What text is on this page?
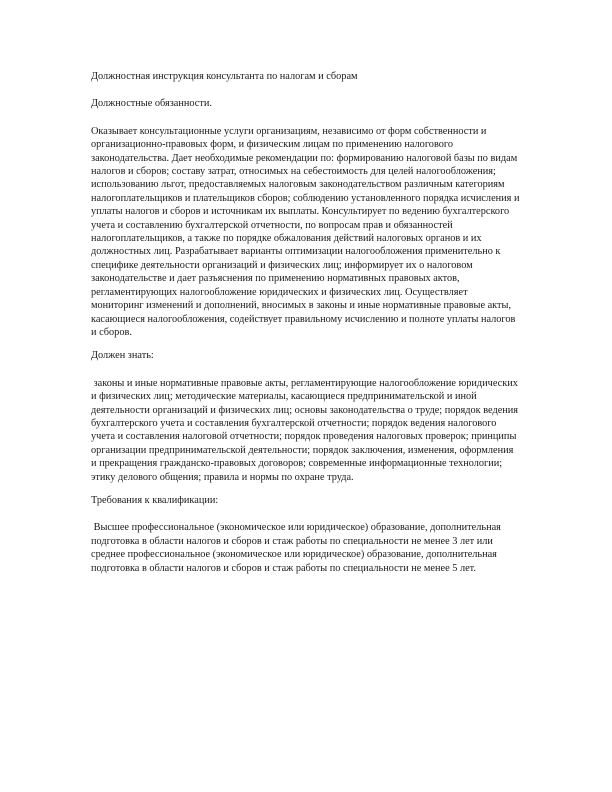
Должностная инструкция консультанта по налогам и сборам
Должностные обязанности.
Оказывает консультационные услуги организациям, независимо от форм собственности и организационно-правовых форм, и физическим лицам по применению налогового законодательства. Дает необходимые рекомендации по: формированию налоговой базы по видам налогов и сборов; составу затрат, относимых на себестоимость для целей налогообложения; использованию льгот, предоставляемых налоговым законодательством различным категориям налогоплательщиков и плательщиков сборов; соблюдению установленного порядка исчисления и уплаты налогов и сборов и источникам их выплаты. Консультирует по ведению бухгалтерского учета и составлению бухгалтерской отчетности, по вопросам прав и обязанностей налогоплательщиков, а также по порядке обжалования действий налоговых органов и их должностных лиц. Разрабатывает варианты оптимизации налогообложения применительно к специфике деятельности организаций и физических лиц; информирует их о налоговом законодательстве и дает разъяснения по применению нормативных правовых актов, регламентирующих налогообложение юридических и физических лиц. Осуществляет мониторинг изменений и дополнений, вносимых в законы и иные нормативные правовые акты, касающиеся налогообложения, содействует правильному исчислению и полноте уплаты налогов и сборов.
Должен знать:
законы и иные нормативные правовые акты, регламентирующие налогообложение юридических и физических лиц; методические материалы, касающиеся предпринимательской и иной деятельности организаций и физических лиц; основы законодательства о труде; порядок ведения бухгалтерского учета и составления бухгалтерской отчетности; порядок ведения налогового учета и составления налоговой отчетности; порядок проведения налоговых проверок; принципы организации предпринимательской деятельности; порядок заключения, изменения, оформления и прекращения гражданско-правовых договоров; современные информационные технологии; этику делового общения; правила и нормы по охране труда.
Требования к квалификации:
Высшее профессиональное (экономическое или юридическое) образование, дополнительная подготовка в области налогов и сборов и стаж работы по специальности не менее 3 лет или среднее профессиональное (экономическое или юридическое) образование, дополнительная подготовка в области налогов и сборов и стаж работы по специальности не менее 5 лет.
